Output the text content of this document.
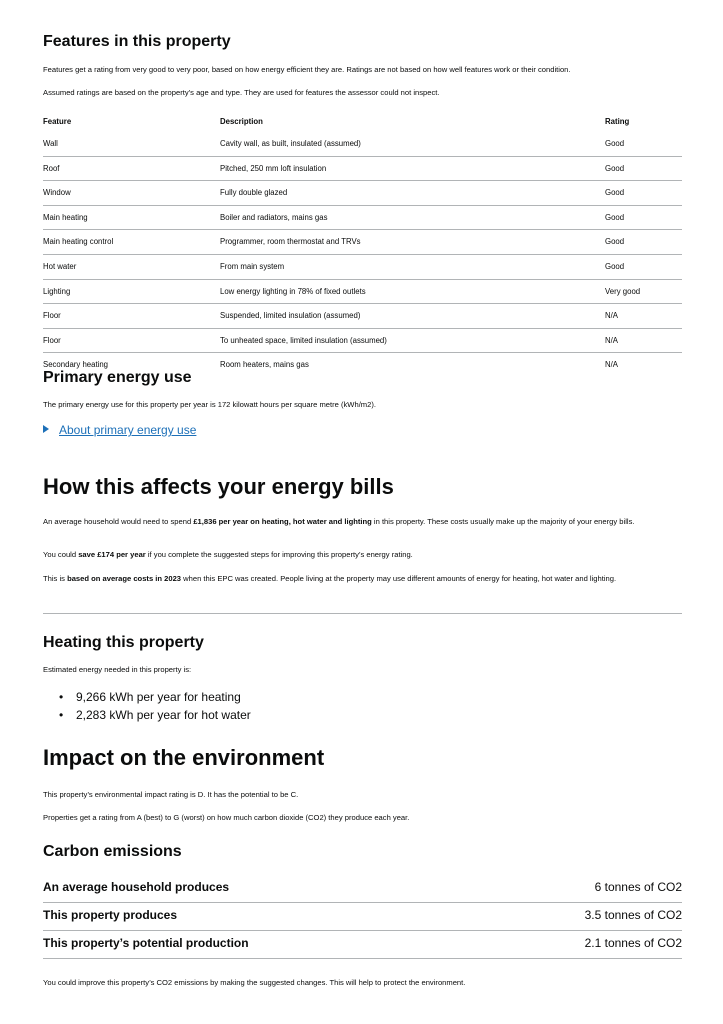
Features in this property

Features get a rating from very good to very poor, based on how energy efficient they are. Ratings are not based on how well features work or their condition.

Assumed ratings are based on the property’s age and type. They are used for features the assessor could not inspect.

Feature	Description	Rating
Wall	Cavity wall, as built, insulated (assumed)	Good
Roof	Pitched, 250 mm loft insulation	Good
Window	Fully double glazed	Good
Main heating	Boiler and radiators, mains gas	Good
Main heating control	Programmer, room thermostat and TRVs	Good
Hot water	From main system	Good
Lighting	Low energy lighting in 78% of fixed outlets	Very good
Floor	Suspended, limited insulation (assumed)	N/A
Floor	To unheated space, limited insulation (assumed)	N/A
Secondary heating	Room heaters, mains gas	N/A
Primary energy use

The primary energy use for this property per year is 172 kilowatt hours per square metre (kWh/m2).

About primary energy use
How this affects your energy bills

An average household would need to spend £1,836 per year on heating, hot water and lighting in this property. These costs usually make up the majority of your energy bills.

You could save £174 per year if you complete the suggested steps for improving this property’s energy rating.

This is based on average costs in 2023 when this EPC was created. People living at the property may use different amounts of energy for heating, hot water and lighting.

Heating this property

Estimated energy needed in this property is:

• 9,266 kWh per year for heating
• 2,283 kWh per year for hot water
Impact on the environment

This property’s environmental impact rating is D. It has the potential to be C.

Properties get a rating from A (best) to G (worst) on how much carbon dioxide (CO2) they produce each year.

Carbon emissions
An average household produces	6 tonnes of CO2
This property produces	3.5 tonnes of CO2
This property’s potential production	2.1 tonnes of CO2

You could improve this property’s CO2 emissions by making the suggested changes. This will help to protect the environment.
